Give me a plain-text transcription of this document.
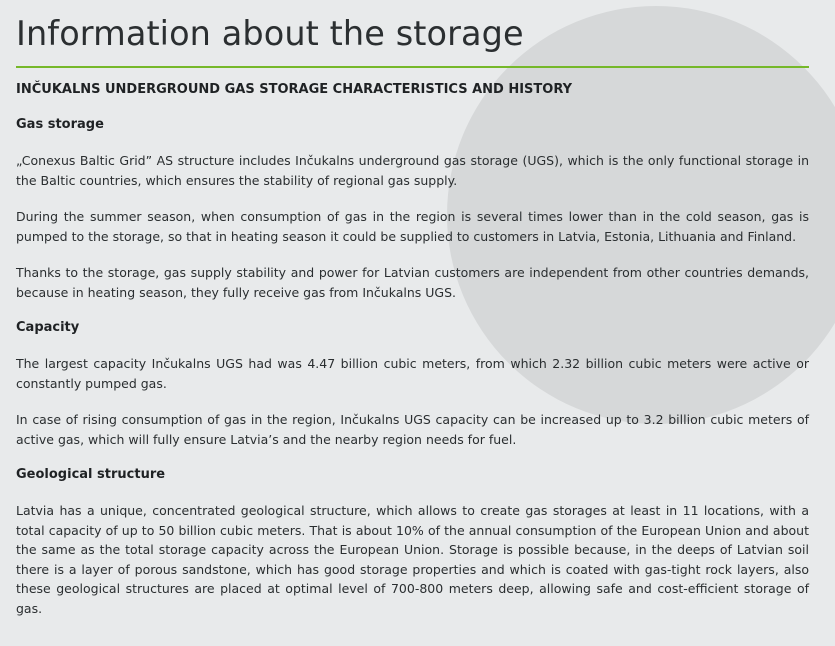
Information about the storage
INČUKALNS UNDERGROUND GAS STORAGE CHARACTERISTICS AND HISTORY
Gas storage

„Conexus Baltic Grid” AS structure includes Inčukalns underground gas storage (UGS), which is the only functional storage in the Baltic countries, which ensures the stability of regional gas supply.

During the summer season, when consumption of gas in the region is several times lower than in the cold season, gas is pumped to the storage, so that in heating season it could be supplied to customers in Latvia, Estonia, Lithuania and Finland.

Thanks to the storage, gas supply stability and power for Latvian customers are independent from other countries demands, because in heating season, they fully receive gas from Inčukalns UGS.

Capacity

The largest capacity Inčukalns UGS had was 4.47 billion cubic meters, from which 2.32 billion cubic meters were active or constantly pumped gas.

In case of rising consumption of gas in the region, Inčukalns UGS capacity can be increased up to 3.2 billion cubic meters of active gas, which will fully ensure Latvia’s and the nearby region needs for fuel.

Geological structure

Latvia has a unique, concentrated geological structure, which allows to create gas storages at least in 11 locations, with a total capacity of up to 50 billion cubic meters. That is about 10% of the annual consumption of the European Union and about the same as the total storage capacity across the European Union. Storage is possible because, in the deeps of Latvian soil there is a layer of porous sandstone, which has good storage properties and which is coated with gas-tight rock layers, also these geological structures are placed at optimal level of 700-800 meters deep, allowing safe and cost-efficient storage of gas.
